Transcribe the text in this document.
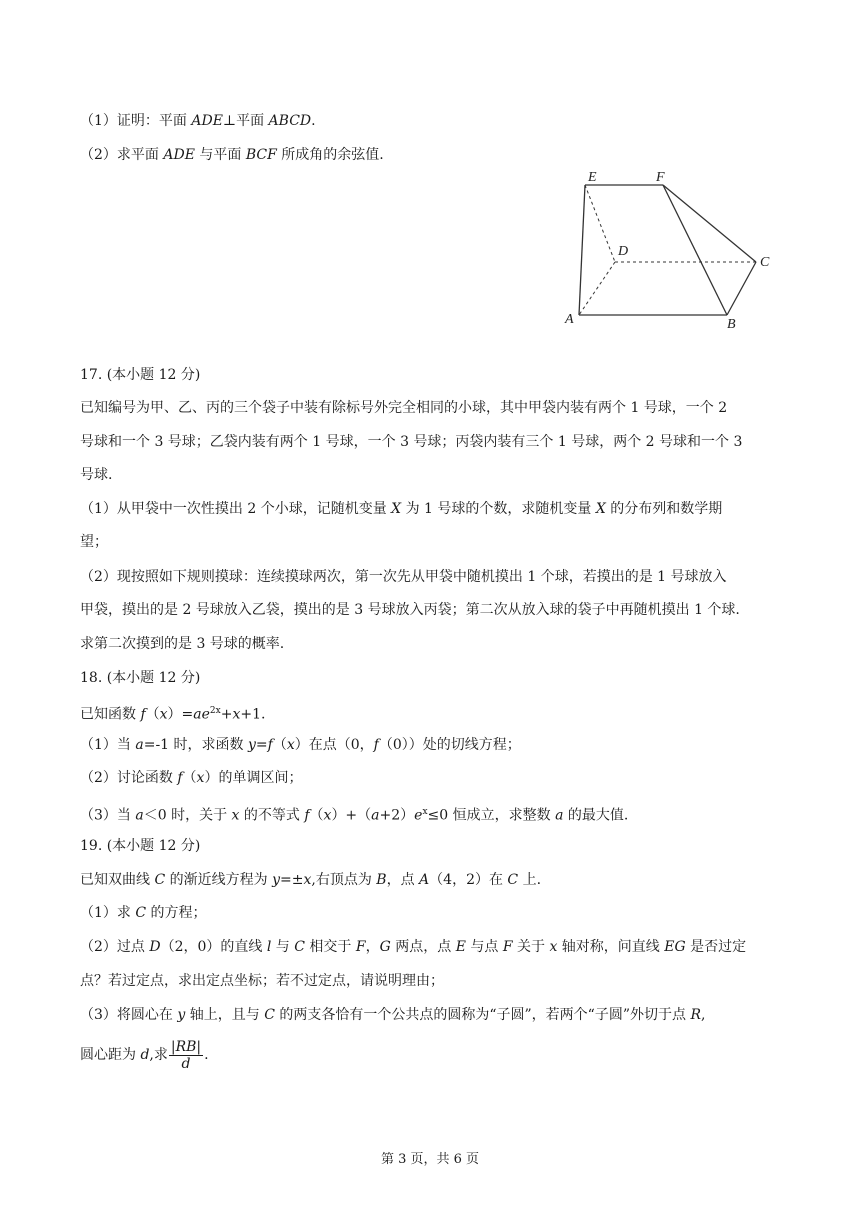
（1）证明：平面 ADE⊥平面 ABCD.
（2）求平面 ADE 与平面 BCF 所成角的余弦值.
E	F
D
C
A	B
17. (本小题 12 分)
已知编号为甲、乙、丙的三个袋子中装有除标号外完全相同的小球，其中甲袋内装有两个 1 号球，一个 2
号球和一个 3 号球；乙袋内装有两个 1 号球，一个 3 号球；丙袋内装有三个 1 号球，两个 2 号球和一个 3
号球.
（1）从甲袋中一次性摸出 2 个小球，记随机变量 X 为 1 号球的个数，求随机变量 X 的分布列和数学期
望；
（2）现按照如下规则摸球：连续摸球两次，第一次先从甲袋中随机摸出 1 个球，若摸出的是 1 号球放入
甲袋，摸出的是 2 号球放入乙袋，摸出的是 3 号球放入丙袋；第二次从放入球的袋子中再随机摸出 1 个球.
求第二次摸到的是 3 号球的概率.
18. (本小题 12 分)
已知函数 $f(x)=ae^{2x}+x+1$.
（1）当 a=-1 时，求函数 y=f（x）在点（0，f（0））处的切线方程；
（2）讨论函数 f（x）的单调区间；
（3）当 a＜0 时，关于 x 的不等式 $f(x)+(a+2)e^x\le 0$ 恒成立，求整数 a 的最大值.
19. (本小题 12 分)
已知双曲线 C 的渐近线方程为 y=±x,右顶点为 B，点 A（4，2）在 C 上.
（1）求 C 的方程；
（2）过点 D（2，0）的直线 l 与 C 相交于 F，G 两点，点 E 与点 F 关于 x 轴对称，问直线 EG 是否过定
点？若过定点，求出定点坐标；若不过定点，请说明理由；
（3）将圆心在 y 轴上，且与 C 的两支各恰有一个公共点的圆称为“子圆”，若两个“子圆”外切于点 R,
圆心距为 d,求 $\frac{|RB|}{d}$ .
第 3 页，共 6 页
